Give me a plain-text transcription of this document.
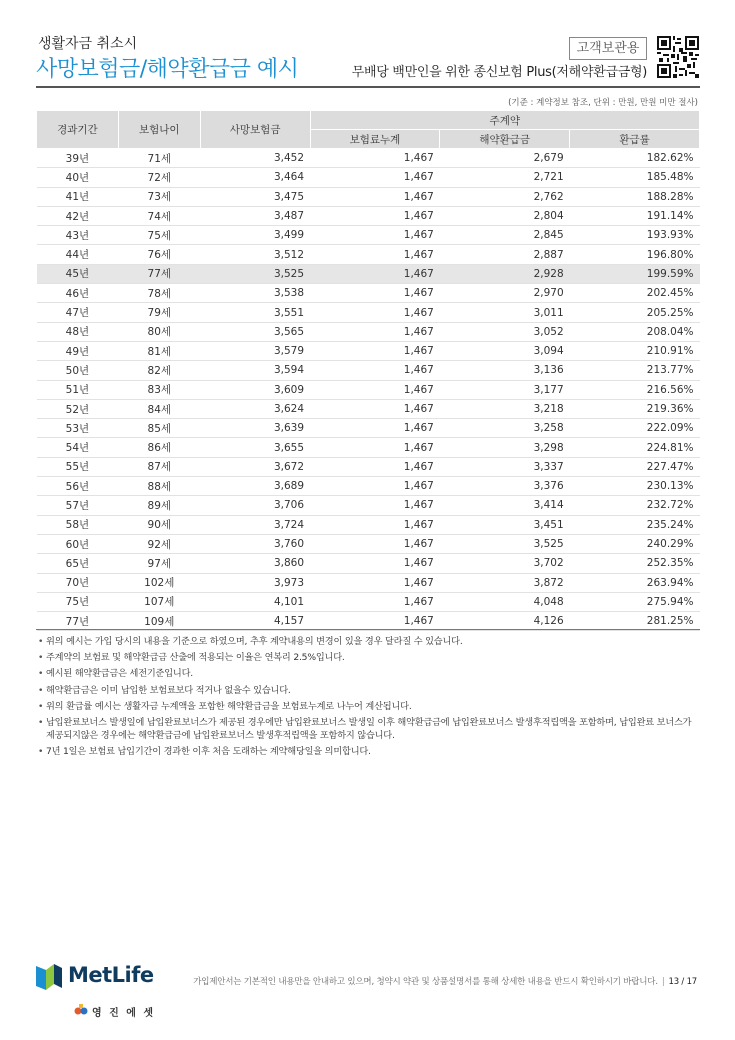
생활자금 취소시
사망보험금/해약환급금 예시
고객보관용
무배당 백만인을 위한 종신보험 Plus(저해약환급금형)
(기준 : 계약정보 참조, 단위 : 만원, 만원 미만 절사)
경과기간	보험나이	사망보험금	주계약		
			보험료누계	해약환급금	환급률
39년	71세	3,452	1,467	2,679	182.62%
40년	72세	3,464	1,467	2,721	185.48%
41년	73세	3,475	1,467	2,762	188.28%
42년	74세	3,487	1,467	2,804	191.14%
43년	75세	3,499	1,467	2,845	193.93%
44년	76세	3,512	1,467	2,887	196.80%
45년	77세	3,525	1,467	2,928	199.59%
46년	78세	3,538	1,467	2,970	202.45%
47년	79세	3,551	1,467	3,011	205.25%
48년	80세	3,565	1,467	3,052	208.04%
49년	81세	3,579	1,467	3,094	210.91%
50년	82세	3,594	1,467	3,136	213.77%
51년	83세	3,609	1,467	3,177	216.56%
52년	84세	3,624	1,467	3,218	219.36%
53년	85세	3,639	1,467	3,258	222.09%
54년	86세	3,655	1,467	3,298	224.81%
55년	87세	3,672	1,467	3,337	227.47%
56년	88세	3,689	1,467	3,376	230.13%
57년	89세	3,706	1,467	3,414	232.72%
58년	90세	3,724	1,467	3,451	235.24%
60년	92세	3,760	1,467	3,525	240.29%
65년	97세	3,860	1,467	3,702	252.35%
70년	102세	3,973	1,467	3,872	263.94%
75년	107세	4,101	1,467	4,048	275.94%
77년	109세	4,157	1,467	4,126	281.25%
• 위의 예시는 가입 당시의 내용을 기준으로 하였으며, 추후 계약내용의 변경이 있을 경우 달라질 수 있습니다.
• 주계약의 보험료 및 해약환급금 산출에 적용되는 이율은 연복리 2.5%입니다.
• 예시된 해약환급금은 세전기준입니다.
• 해약환급금은 이미 납입한 보험료보다 적거나 없을수 있습니다.
• 위의 환급률 예시는 생활자금 누계액을 포함한 해약환급금을 보험료누계로 나누어 계산됩니다.
• 납입완료보너스 발생일에 납입완료보너스가 제공된 경우에만 납입완료보너스 발생일 이후 해약환급금에 납입완료보너스 발생후적립액을 포함하며, 납입완료 보너스가 제공되지않은 경우에는 해약환급금에 납입완료보너스 발생후적립액을 포함하지 않습니다.
• 7년 1일은 보험료 납입기간이 경과한 이후 처음 도래하는 계약해당일을 의미합니다.
MetLife
영 진 에 셋
가입제안서는 기본적인 내용만을 안내하고 있으며, 청약시 약관 및 상품설명서를 통해 상세한 내용을 반드시 확인하시기 바랍니다. | 13 / 17
